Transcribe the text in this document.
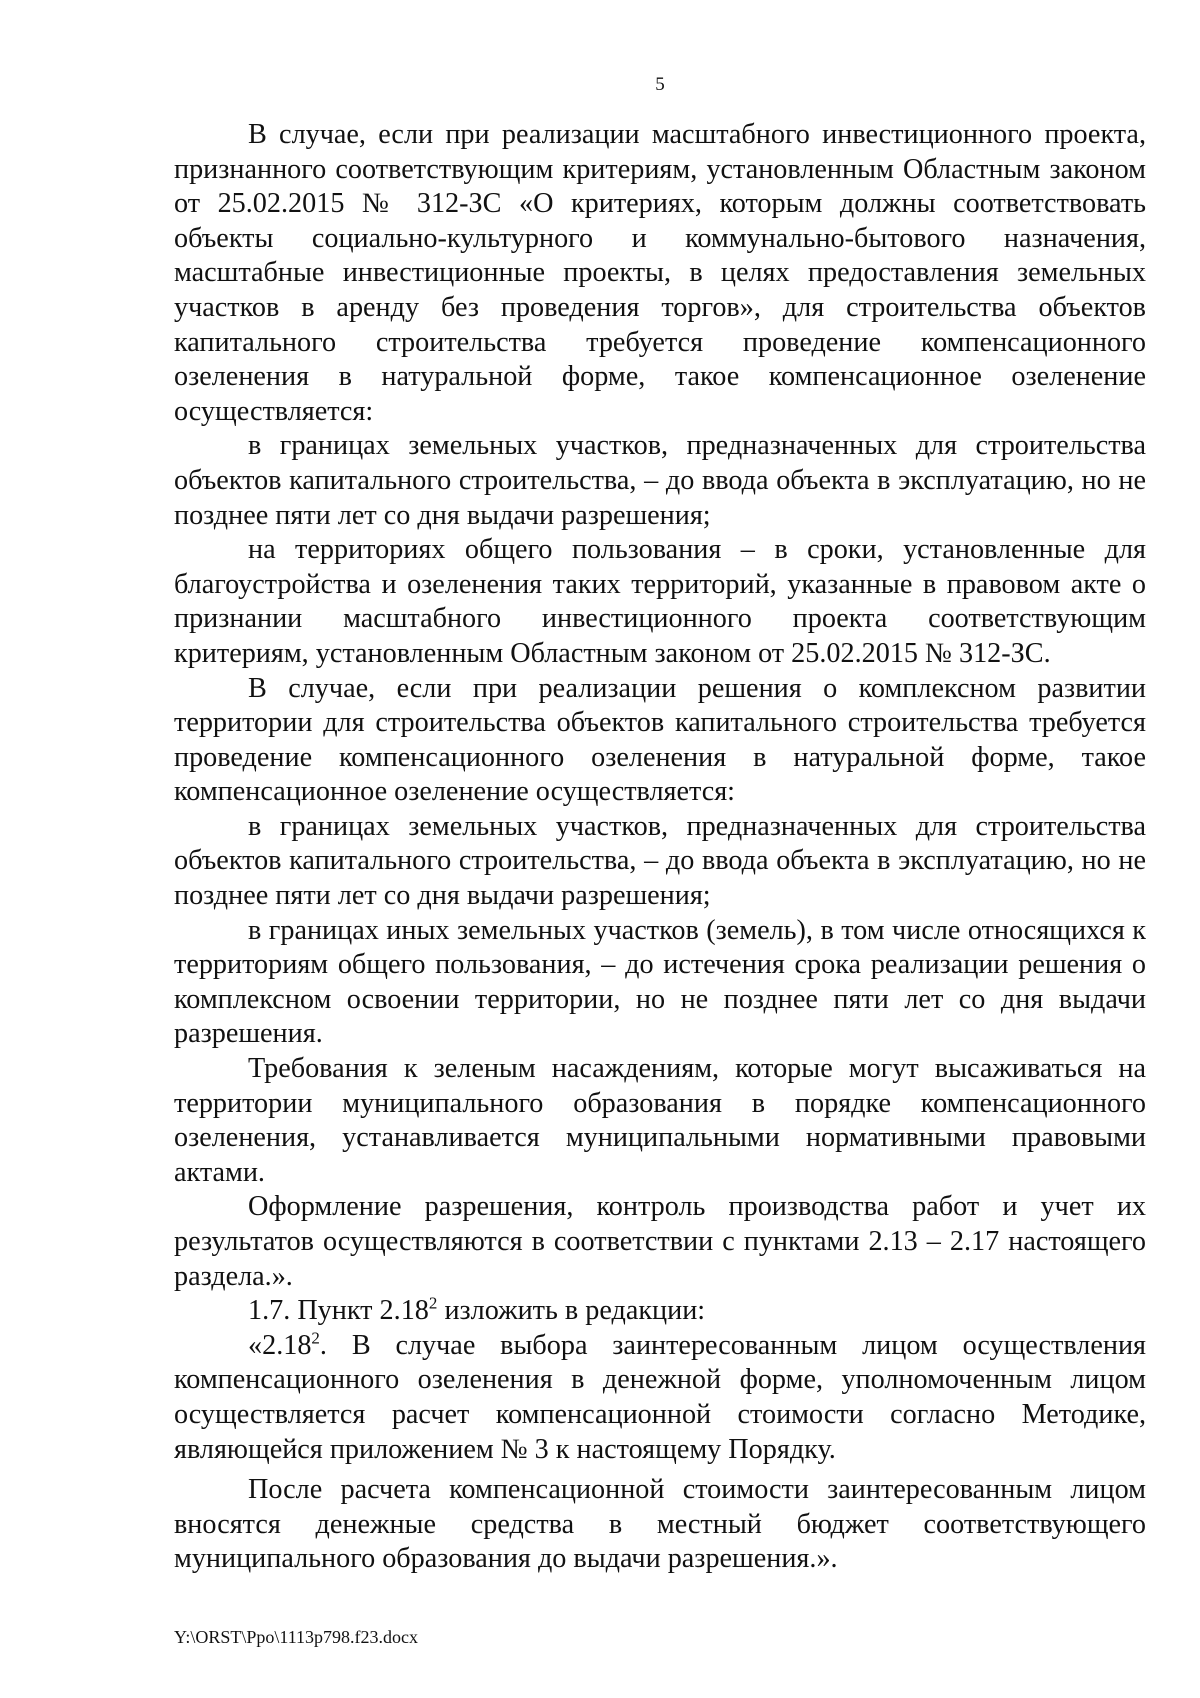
5

В случае, если при реализации масштабного инвестиционного проекта, признанного соответствующим критериям, установленным Областным законом от 25.02.2015 № 312-ЗС «О критериях, которым должны соответствовать объекты социально-культурного и коммунально-бытового назначения, масштабные инвестиционные проекты, в целях предоставления земельных участков в аренду без проведения торгов», для строительства объектов капитального строительства требуется проведение компенсационного озеленения в натуральной форме, такое компенсационное озеленение осуществляется:

в границах земельных участков, предназначенных для строительства объектов капитального строительства, – до ввода объекта в эксплуатацию, но не позднее пяти лет со дня выдачи разрешения;

на территориях общего пользования – в сроки, установленные для благоустройства и озеленения таких территорий, указанные в правовом акте о признании масштабного инвестиционного проекта соответствующим критериям, установленным Областным законом от 25.02.2015 № 312-ЗС.

В случае, если при реализации решения о комплексном развитии территории для строительства объектов капитального строительства требуется проведение компенсационного озеленения в натуральной форме, такое компенсационное озеленение осуществляется:

в границах земельных участков, предназначенных для строительства объектов капитального строительства, – до ввода объекта в эксплуатацию, но не позднее пяти лет со дня выдачи разрешения;

в границах иных земельных участков (земель), в том числе относящихся к территориям общего пользования, – до истечения срока реализации решения о комплексном освоении территории, но не позднее пяти лет со дня выдачи разрешения.

Требования к зеленым насаждениям, которые могут высаживаться на территории муниципального образования в порядке компенсационного озеленения, устанавливается муниципальными нормативными правовыми актами.

Оформление разрешения, контроль производства работ и учет их результатов осуществляются в соответствии с пунктами 2.13 – 2.17 настоящего раздела.».

1.7. Пункт 2.18$^2$ изложить в редакции:

«2.18$^2$. В случае выбора заинтересованным лицом осуществления компенсационного озеленения в денежной форме, уполномоченным лицом осуществляется расчет компенсационной стоимости согласно Методике, являющейся приложением № 3 к настоящему Порядку.

После расчета компенсационной стоимости заинтересованным лицом вносятся денежные средства в местный бюджет соответствующего муниципального образования до выдачи разрешения.».

Y:\ORST\Ppo\1113p798.f23.docx
